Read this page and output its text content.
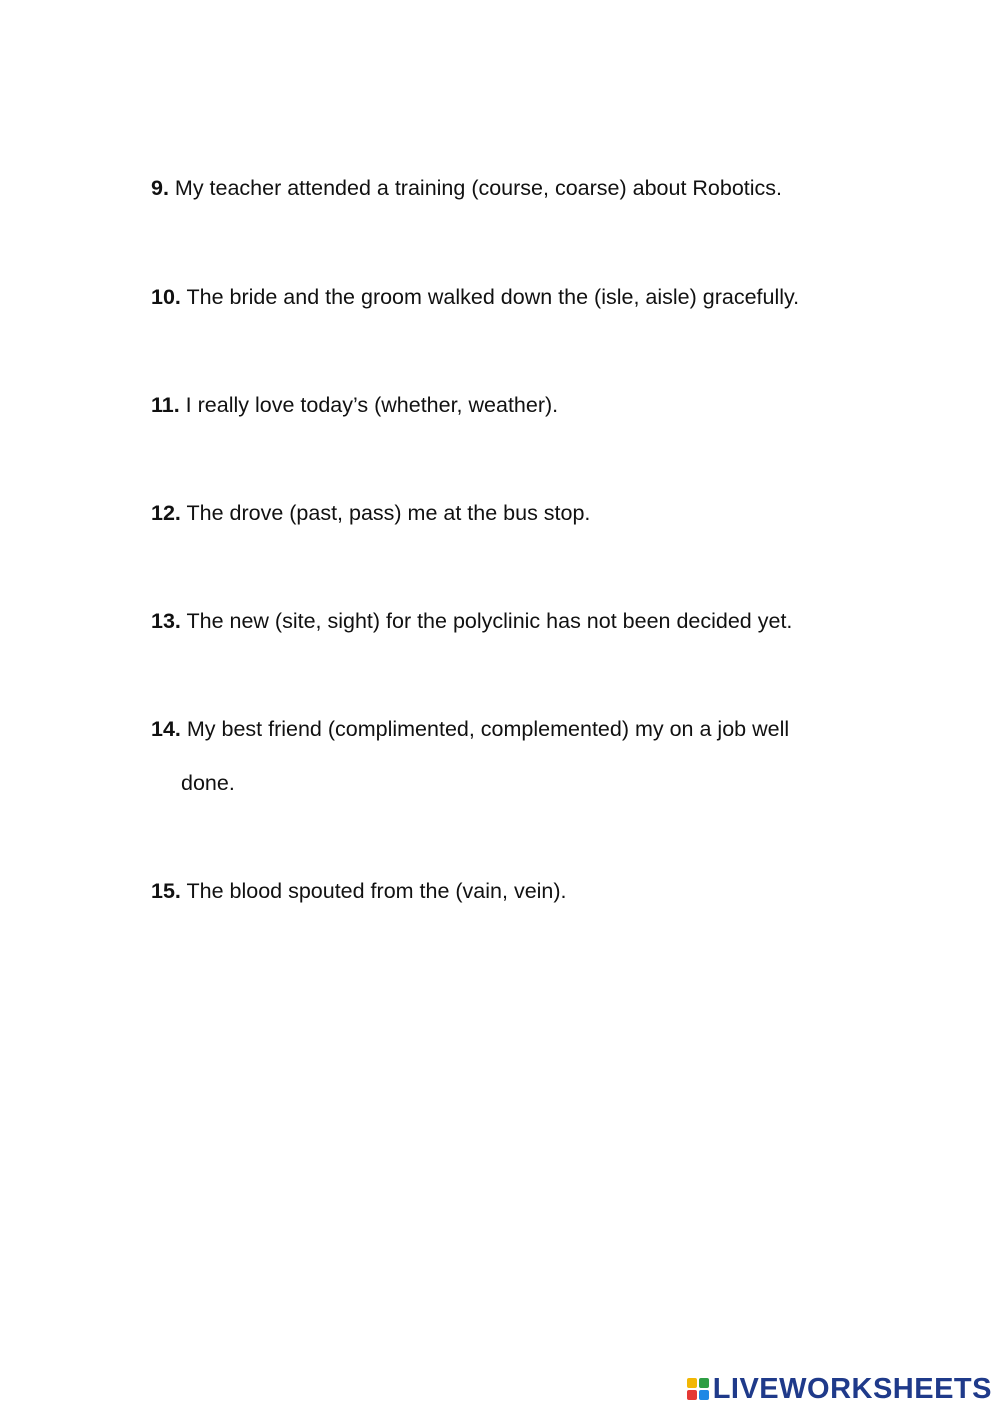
9. My teacher attended a training (course, coarse) about Robotics.
10. The bride and the groom walked down the (isle, aisle) gracefully.
11. I really love today’s (whether, weather).
12. The drove (past, pass) me at the bus stop.
13. The new (site, sight) for the polyclinic has not been decided yet.
14. My best friend (complimented, complemented) my on a job well
done.
15. The blood spouted from the (vain, vein).
LIVEWORKSHEETS
